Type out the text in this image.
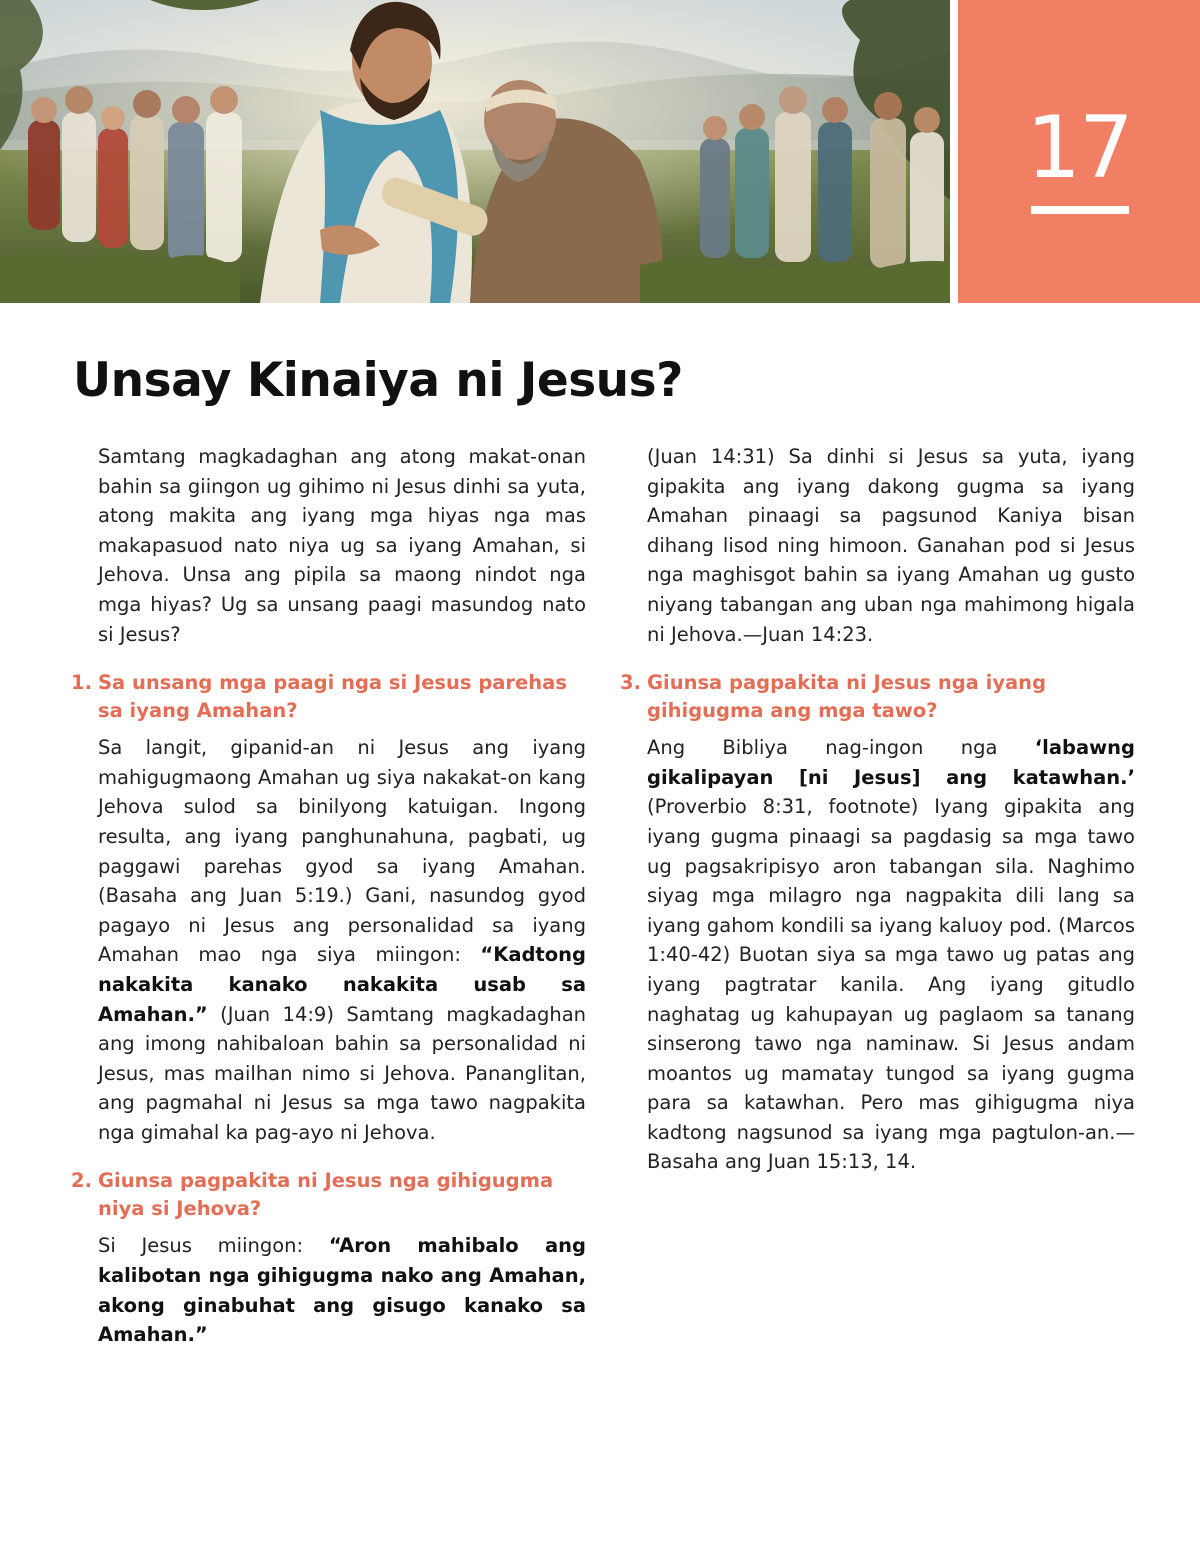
17
Unsay Kinaiya ni Jesus?

Samtang magkadaghan ang atong makat-onan bahin sa giingon ug gihimo ni Jesus dinhi sa yuta, atong makita ang iyang mga hiyas nga mas makapasuod nato niya ug sa iyang Amahan, si Jehova. Unsa ang pipila sa maong nindot nga mga hiyas? Ug sa unsang paagi masundog nato si Jesus?

1. Sa unsang mga paagi nga si Jesus parehas sa iyang Amahan?

Sa langit, gipanid-an ni Jesus ang iyang mahigugmaong Amahan ug siya nakakat-on kang Jehova sulod sa binilyong katuigan. Ingong resulta, ang iyang panghunahuna, pagbati, ug paggawi parehas gyod sa iyang Amahan. (Basaha ang Juan 5:19.) Gani, nasundog gyod pagayo ni Jesus ang personalidad sa iyang Amahan mao nga siya miingon: “Kadtong nakakita kanako nakakita usab sa Amahan.” (Juan 14:9) Samtang magkadaghan ang imong nahibaloan bahin sa personalidad ni Jesus, mas mailhan nimo si Jehova. Pananglitan, ang pagmahal ni Jesus sa mga tawo nagpakita nga gimahal ka pag-ayo ni Jehova.

2. Giunsa pagpakita ni Jesus nga gihigugma niya si Jehova?

Si Jesus miingon: “Aron mahibalo ang kalibotan nga gihigugma nako ang Amahan, akong ginabuhat ang gisugo kanako sa Amahan.”

(Juan 14:31) Sa dinhi si Jesus sa yuta, iyang gipakita ang iyang dakong gugma sa iyang Amahan pinaagi sa pagsunod Kaniya bisan dihang lisod ning himoon. Ganahan pod si Jesus nga maghisgot bahin sa iyang Amahan ug gusto niyang tabangan ang uban nga mahimong higala ni Jehova.—Juan 14:23.

3. Giunsa pagpakita ni Jesus nga iyang gihigugma ang mga tawo?

Ang Bibliya nag-ingon nga ‘labawng gikalipayan [ni Jesus] ang katawhan.’ (Proverbio 8:31, footnote) Iyang gipakita ang iyang gugma pinaagi sa pagdasig sa mga tawo ug pagsakripisyo aron tabangan sila. Naghimo siyag mga milagro nga nagpakita dili lang sa iyang gahom kondili sa iyang kaluoy pod. (Marcos 1:40-42) Buotan siya sa mga tawo ug patas ang iyang pagtratar kanila. Ang iyang gitudlo naghatag ug kahupayan ug paglaom sa tanang sinserong tawo nga naminaw. Si Jesus andam moantos ug mamatay tungod sa iyang gugma para sa katawhan. Pero mas gihigugma niya kadtong nagsunod sa iyang mga pagtulon-an.—Basaha ang Juan 15:13, 14.
